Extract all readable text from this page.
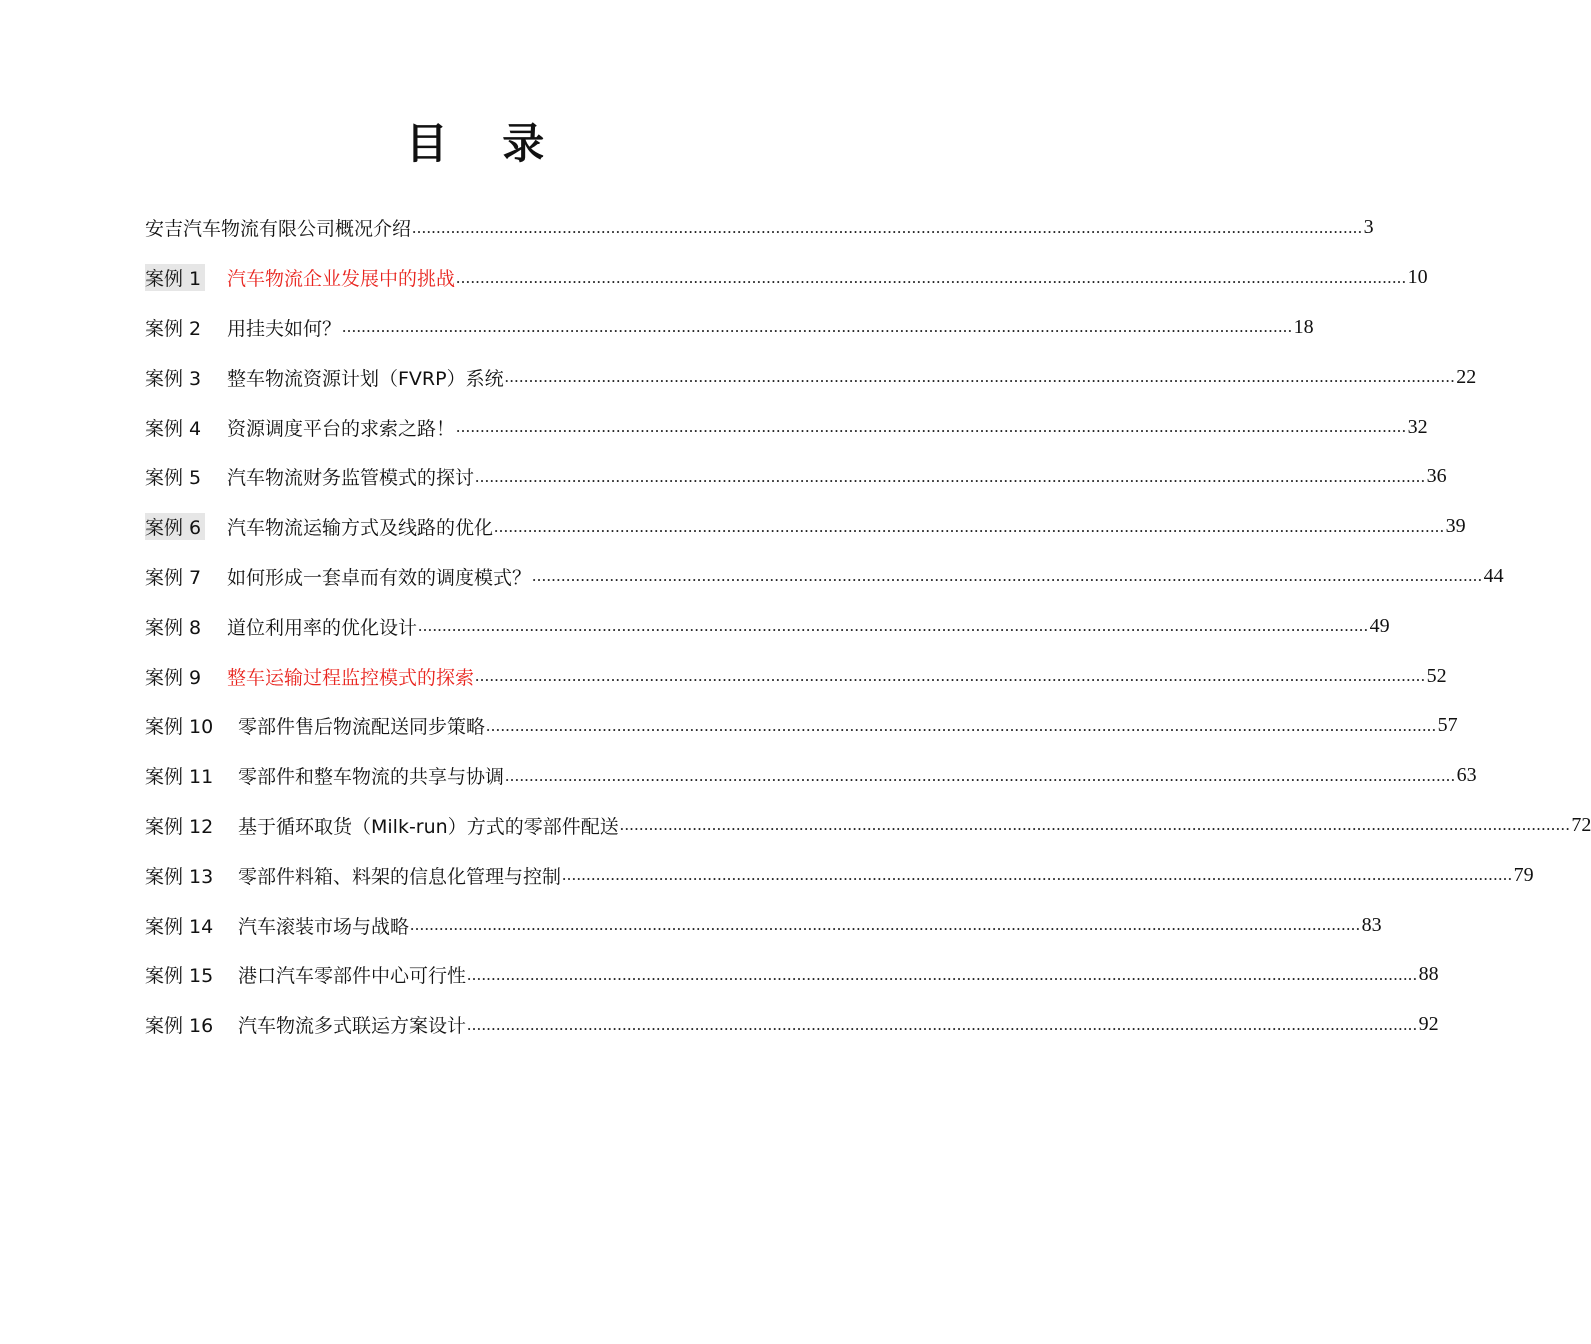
目 录
安吉汽车物流有限公司概况介绍 .................................................................................................................................................................................................... 3
案例 1	汽车物流企业发展中的挑战 .................................................................................................................................................................................................... 10
案例 2	用挂夫如何？ .................................................................................................................................................................................................... 18
案例 3	整车物流资源计划（FVRP）系统 .................................................................................................................................................................................................... 22
案例 4	资源调度平台的求索之路！ .................................................................................................................................................................................................... 32
案例 5	汽车物流财务监管模式的探讨 .................................................................................................................................................................................................... 36
案例 6	汽车物流运输方式及线路的优化 .................................................................................................................................................................................................... 39
案例 7	如何形成一套卓而有效的调度模式？ .................................................................................................................................................................................................... 44
案例 8	道位利用率的优化设计 .................................................................................................................................................................................................... 49
案例 9	整车运输过程监控模式的探索 .................................................................................................................................................................................................... 52
案例 10	零部件售后物流配送同步策略 .................................................................................................................................................................................................... 57
案例 11	零部件和整车物流的共享与协调 .................................................................................................................................................................................................... 63
案例 12	基于循环取货（Milk-run）方式的零部件配送 .................................................................................................................................................................................................... 72
案例 13	零部件料箱、料架的信息化管理与控制 .................................................................................................................................................................................................... 79
案例 14	汽车滚装市场与战略 .................................................................................................................................................................................................... 83
案例 15	港口汽车零部件中心可行性 .................................................................................................................................................................................................... 88
案例 16	汽车物流多式联运方案设计 .................................................................................................................................................................................................... 92
